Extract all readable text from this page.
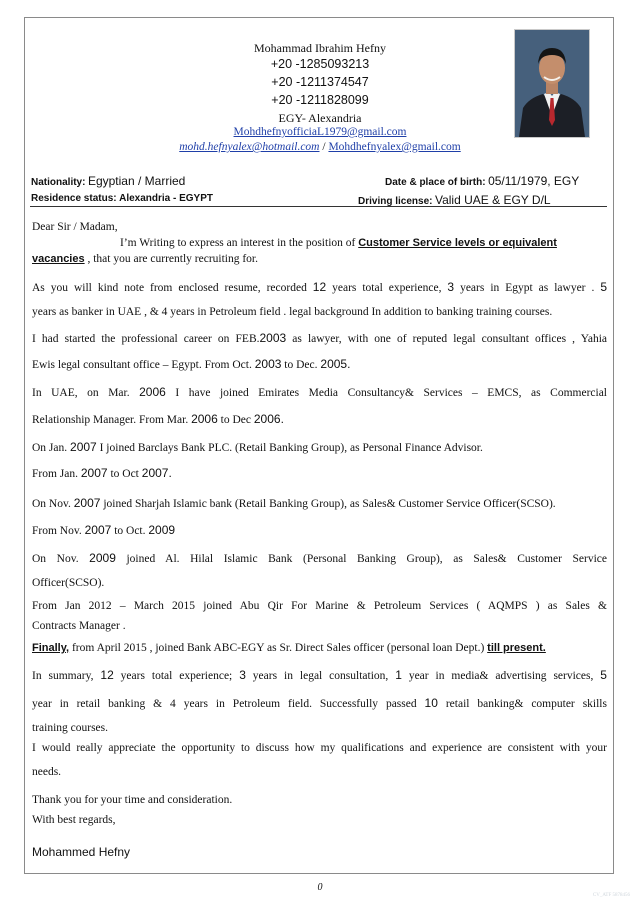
Mohammad Ibrahim Hefny
+20 -1285093213
+20 -1211374547
+20 -1211828099
EGY- Alexandria
MohdhefnyofficiaL1979@gmail.com
mohd.hefnyalex@hotmail.com / Mohdhefnyalex@gmail.com
Nationality: Egyptian / Married	Date & place of birth: 05/11/1979, EGY
Residence status: Alexandria - EGYPT	Driving license: Valid UAE & EGY D/L
Dear Sir / Madam,
I’m Writing to express an interest in the position of Customer Service levels or equivalent
vacancies , that you are currently recruiting for.
As you will kind note from enclosed resume, recorded 12 years total experience, 3 years in Egypt as lawyer . 5
years as banker in UAE , & 4 years in Petroleum field . legal background In addition to banking training courses.
I had started the professional career on FEB.2003 as lawyer, with one of reputed legal consultant offices , Yahia
Ewis legal consultant office – Egypt. From Oct. 2003 to Dec. 2005.
In UAE, on Mar. 2006 I have joined Emirates Media Consultancy& Services – EMCS, as Commercial
Relationship Manager. From Mar. 2006 to Dec 2006.
On Jan. 2007 I joined Barclays Bank PLC. (Retail Banking Group), as Personal Finance Advisor.
From Jan. 2007 to Oct 2007.
On Nov. 2007 joined Sharjah Islamic bank (Retail Banking Group), as Sales& Customer Service Officer(SCSO).
From Nov. 2007 to Oct. 2009
On Nov. 2009 joined Al. Hilal Islamic Bank (Personal Banking Group), as Sales& Customer Service
Officer(SCSO).
From Jan 2012 – March 2015 joined Abu Qir For Marine & Petroleum Services ( AQMPS ) as Sales &
Contracts Manager .
Finally, from April 2015 , joined Bank ABC-EGY as Sr. Direct Sales officer (personal loan Dept.) till present.
In summary, 12 years total experience; 3 years in legal consultation, 1 year in media& advertising services, 5
year in retail banking & 4 years in Petroleum field. Successfully passed 10 retail banking& computer skills
training courses.
I would really appreciate the opportunity to discuss how my qualifications and experience are consistent with your
needs.
Thank you for your time and consideration.
With best regards,
Mohammed Hefny
0
CV_ATF 5878456
